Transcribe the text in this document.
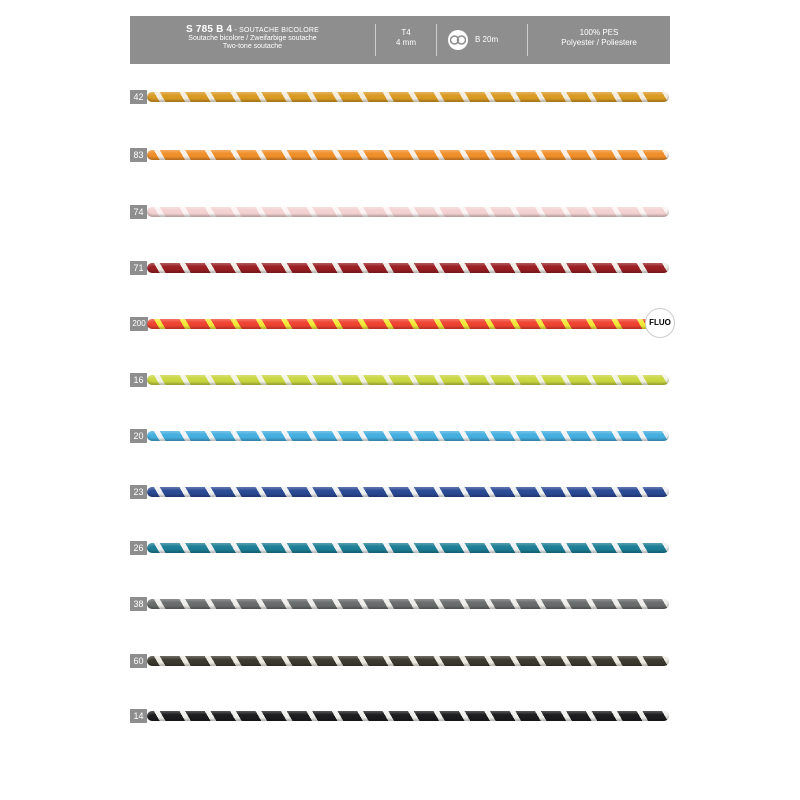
S 785 B 4 - SOUTACHE BICOLORE
Soutache bicolore / Zweifarbige soutache
Two-tone soutache
T4
4 mm	B 20m
100% PES
Polyester / Poliestere
42
83
74
71
200	FLUO
16
20
23
26
38
60
14
